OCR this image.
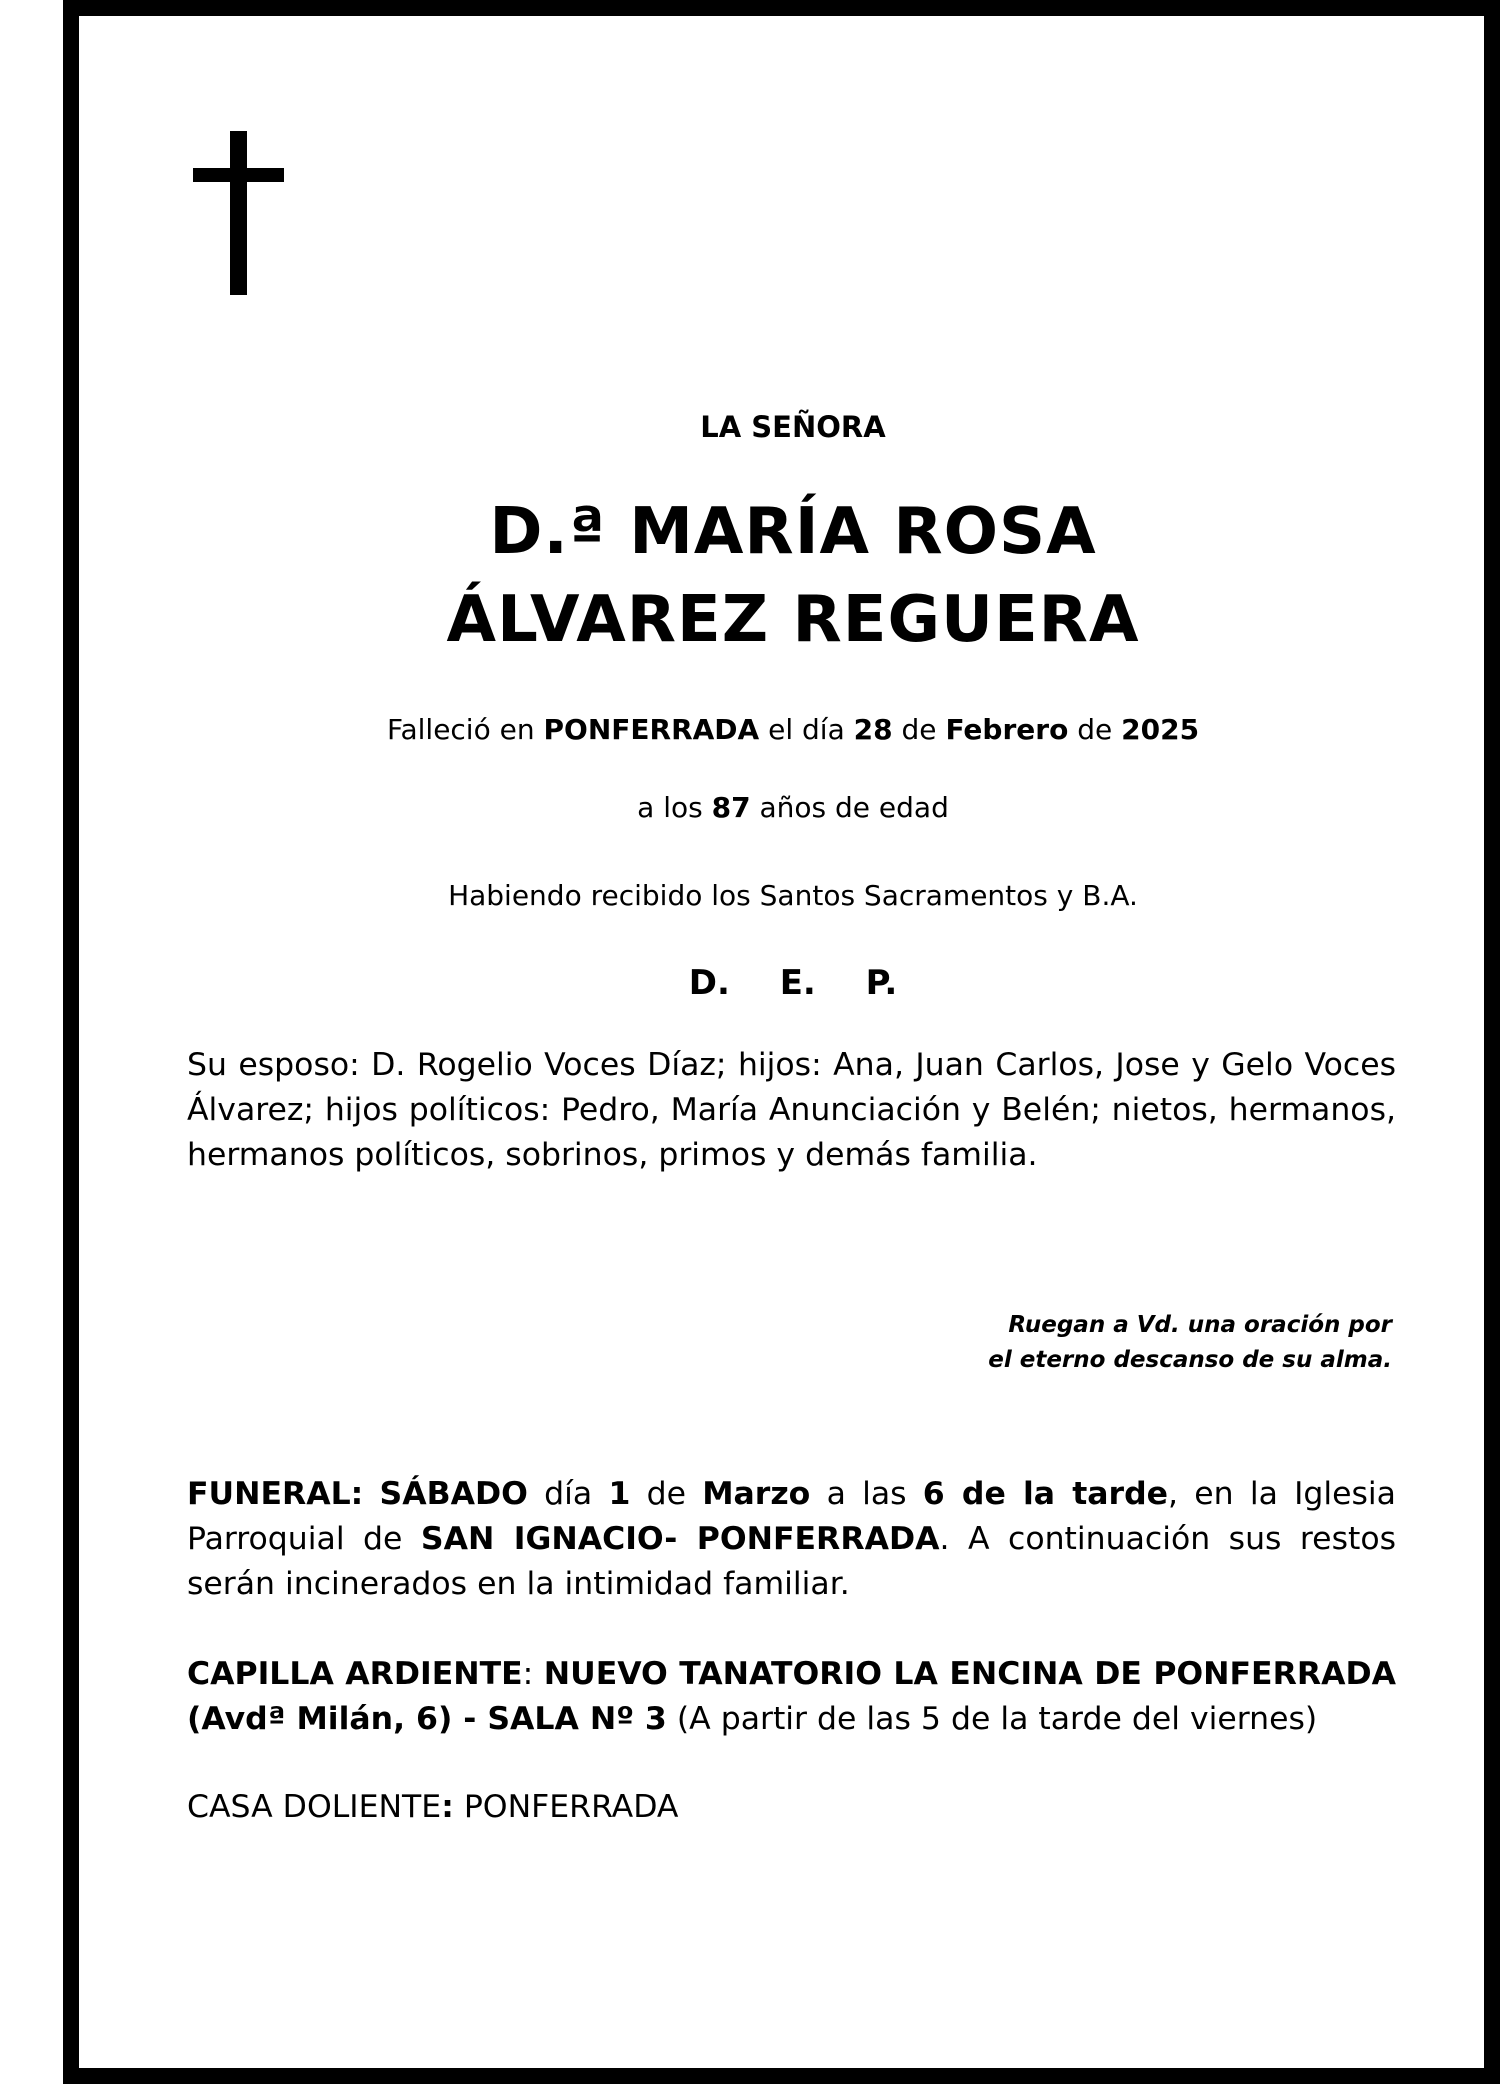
LA SEÑORA
D.ª MARÍA ROSA
ÁLVAREZ REGUERA
Falleció en PONFERRADA el día 28 de Febrero de 2025
a los 87 años de edad
Habiendo recibido los Santos Sacramentos y B.A.
D. E. P.
Su esposo: D. Rogelio Voces Díaz; hijos: Ana, Juan Carlos, Jose y Gelo Voces Álvarez; hijos políticos: Pedro, María Anunciación y Belén; nietos, hermanos, hermanos políticos, sobrinos, primos y demás familia.
Ruegan a Vd. una oración por
el eterno descanso de su alma.
FUNERAL: SÁBADO día 1 de Marzo a las 6 de la tarde, en la Iglesia Parroquial de SAN IGNACIO- PONFERRADA. A continuación sus restos serán incinerados en la intimidad familiar.
CAPILLA ARDIENTE: NUEVO TANATORIO LA ENCINA DE PONFERRADA (Avdª Milán, 6) - SALA Nº 3 (A partir de las 5 de la tarde del viernes)
CASA DOLIENTE: PONFERRADA
